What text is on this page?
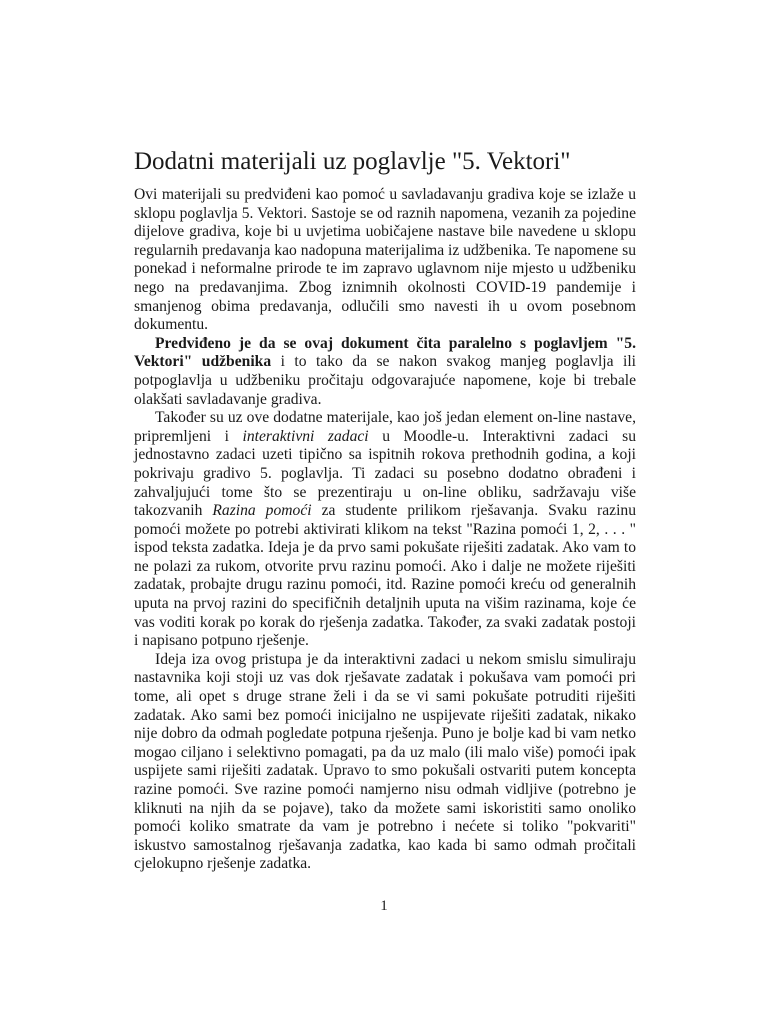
Dodatni materijali uz poglavlje "5. Vektori"

Ovi materijali su predviđeni kao pomoć u savladavanju gradiva koje se izlaže u sklopu poglavlja 5. Vektori. Sastoje se od raznih napomena, vezanih za pojedine dijelove gradiva, koje bi u uvjetima uobičajene nastave bile navedene u sklopu regularnih predavanja kao nadopuna materijalima iz udžbenika. Te napomene su ponekad i neformalne prirode te im zapravo uglavnom nije mjesto u udžbeniku nego na predavanjima. Zbog iznimnih okolnosti COVID-19 pandemije i smanjenog obima predavanja, odlučili smo navesti ih u ovom posebnom dokumentu.

Predviđeno je da se ovaj dokument čita paralelno s poglavljem "5. Vektori" udžbenika i to tako da se nakon svakog manjeg poglavlja ili potpoglavlja u udžbeniku pročitaju odgovarajuće napomene, koje bi trebale olakšati savladavanje gradiva.

Također su uz ove dodatne materijale, kao još jedan element on-line nastave, pripremljeni i interaktivni zadaci u Moodle-u. Interaktivni zadaci su jednostavno zadaci uzeti tipično sa ispitnih rokova prethodnih godina, a koji pokrivaju gradivo 5. poglavlja. Ti zadaci su posebno dodatno obrađeni i zahvaljujući tome što se prezentiraju u on-line obliku, sadržavaju više takozvanih Razina pomoći za studente prilikom rješavanja. Svaku razinu pomoći možete po potrebi aktivirati klikom na tekst "Razina pomoći 1, 2, . . . " ispod teksta zadatka. Ideja je da prvo sami pokušate riješiti zadatak. Ako vam to ne polazi za rukom, otvorite prvu razinu pomoći. Ako i dalje ne možete riješiti zadatak, probajte drugu razinu pomoći, itd. Razine pomoći kreću od generalnih uputa na prvoj razini do specifičnih detaljnih uputa na višim razinama, koje će vas voditi korak po korak do rješenja zadatka. Također, za svaki zadatak postoji i napisano potpuno rješenje.

Ideja iza ovog pristupa je da interaktivni zadaci u nekom smislu simuliraju nastavnika koji stoji uz vas dok rješavate zadatak i pokušava vam pomoći pri tome, ali opet s druge strane želi i da se vi sami pokušate potruditi riješiti zadatak. Ako sami bez pomoći inicijalno ne uspijevate riješiti zadatak, nikako nije dobro da odmah pogledate potpuna rješenja. Puno je bolje kad bi vam netko mogao ciljano i selektivno pomagati, pa da uz malo (ili malo više) pomoći ipak uspijete sami riješiti zadatak. Upravo to smo pokušali ostvariti putem koncepta razine pomoći. Sve razine pomoći namjerno nisu odmah vidljive (potrebno je kliknuti na njih da se pojave), tako da možete sami iskoristiti samo onoliko pomoći koliko smatrate da vam je potrebno i nećete si toliko "pokvariti" iskustvo samostalnog rješavanja zadatka, kao kada bi samo odmah pročitali cjelokupno rješenje zadatka.

1
